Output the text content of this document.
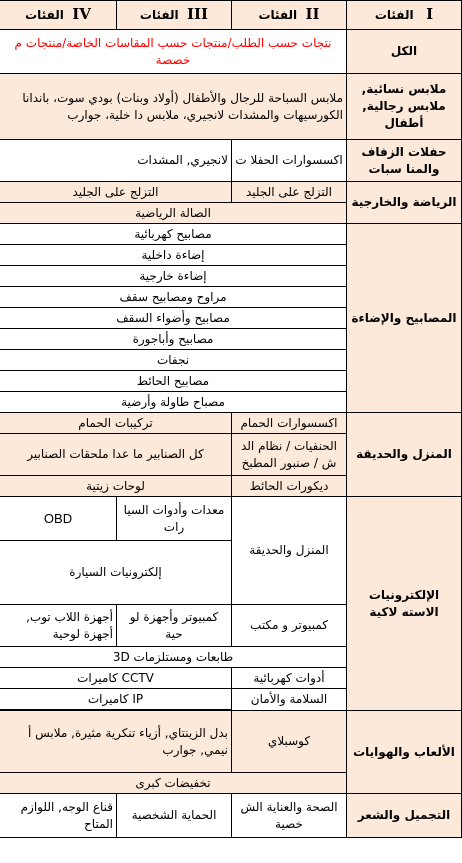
I   الفئات	II  الفئات	III  الفئات	IV  الفئات
الكل	نتجات حسب الطلب/منتجات حسب المقاسات الخاصة/منتجات م خصصة		
ملابس نسائية, ملابس رجالية, أطفال	ملابس السباحة للرجال والأطفال (أولاد وبنات) بودي سوت، باندانا الكورسيهات والمشدات لانجيري، ملابس دا خلية، جوارب		
حفلات الزفاف والمنا سبات	اكسسوارات الحفلا ت	لانجيري, المشدات	
الرياضة والخارجية	التزلج على الجليد	التزلج على الجليد	
	الصالة الرياضية		
المصابيح والإضاءة	مصابيح كهربائية		
	إضاءة داخلية		
	إضاءة خارجية		
	مراوح ومصابيح سقف		
	مصابيح وأضواء السقف		
	مصابيح وأباجورة		
	نجفات		
	مصابيح الحائط		
	مصباح طاولة وأرضية		
المنزل والحديقة	اكسسوارات الحمام	تركيبات الحمام	
	الحنفيات / نظام الد ش / صنبور المطبخ	كل الصنابير ما عدا ملحقات الصنابير	
	ديكورات الحائط	لوحات زيتية	
الإلكترونيات الاسته لاكية	المنزل والحديقة	معدات وأدوات السيا رات	OBD
		إلكترونيات السيارة	
	كمبيوتر و مكتب	كمبيوتر وأجهزة لو حية	أجهزة اللاب توب, أجهزة لوحية
	طابعات ومستلزمات 3D		
	أدوات كهربائية	CCTV كاميرات	
	السلامة والأمان	IP كاميرات	

الألعاب والهوايات	كوسبلاي	بدل الزينتاي, أزياء تنكرية مثيرة, ملابس أ نيمي, جوارب	
	تخفيضات كبرى		
التجميل والشعر	الصحة والعناية الش خصية	الحماية الشخصية	قناع الوجه, اللوازم المتاح
